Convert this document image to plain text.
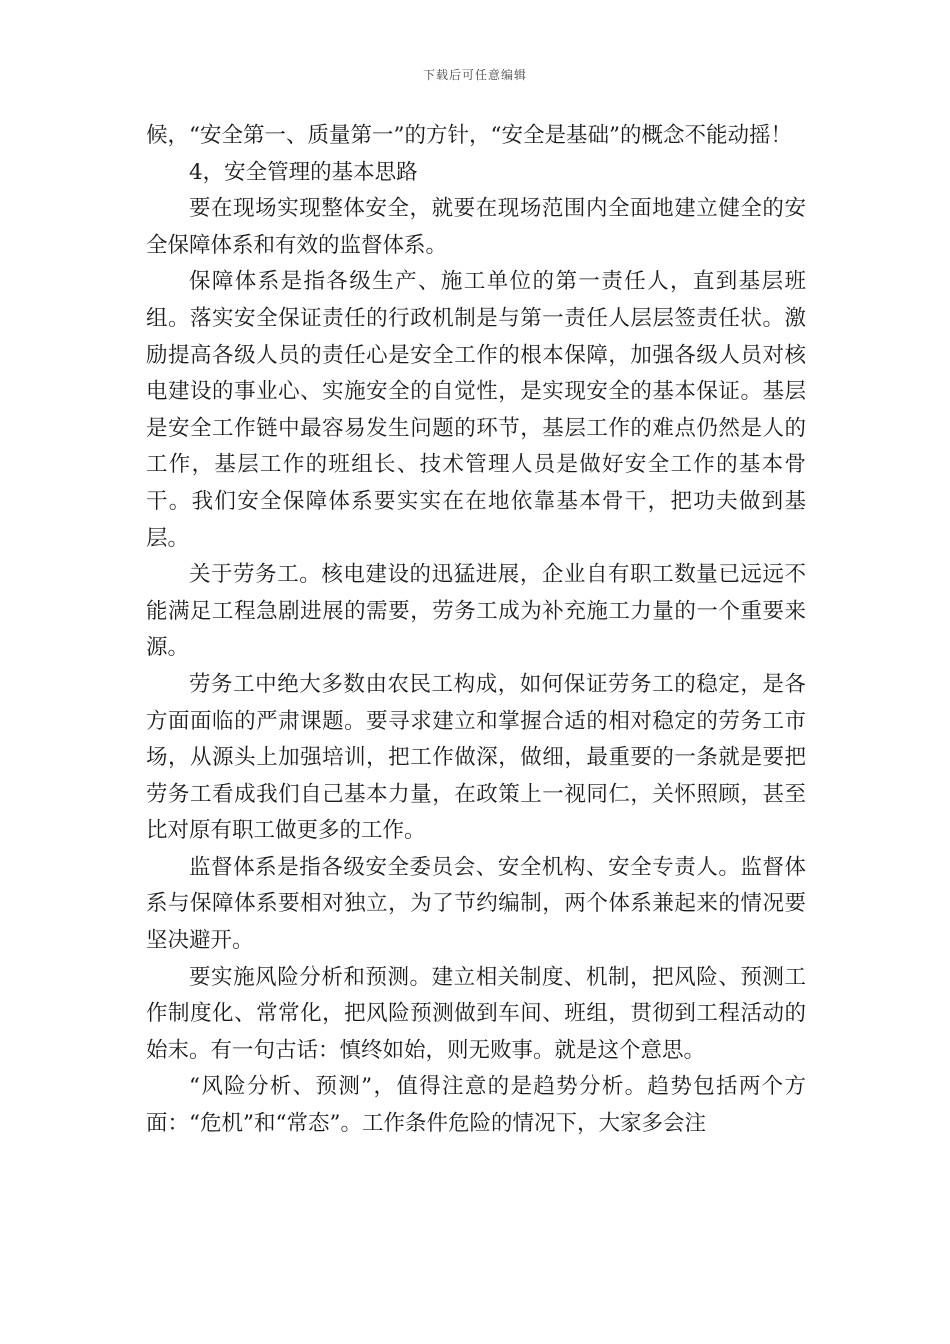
下载后可任意编辑

候，“安全第一、质量第一”的方针，“安全是基础”的概念不能动摇！

4，安全管理的基本思路

要在现场实现整体安全，就要在现场范围内全面地建立健全的安全保障体系和有效的监督体系。

保障体系是指各级生产、施工单位的第一责任人，直到基层班组。落实安全保证责任的行政机制是与第一责任人层层签责任状。激励提高各级人员的责任心是安全工作的根本保障，加强各级人员对核电建设的事业心、实施安全的自觉性，是实现安全的基本保证。基层是安全工作链中最容易发生问题的环节，基层工作的难点仍然是人的工作，基层工作的班组长、技术管理人员是做好安全工作的基本骨干。我们安全保障体系要实实在在地依靠基本骨干，把功夫做到基层。

关于劳务工。核电建设的迅猛进展，企业自有职工数量已远远不能满足工程急剧进展的需要，劳务工成为补充施工力量的一个重要来源。

劳务工中绝大多数由农民工构成，如何保证劳务工的稳定，是各方面面临的严肃课题。要寻求建立和掌握合适的相对稳定的劳务工市场，从源头上加强培训，把工作做深，做细，最重要的一条就是要把劳务工看成我们自己基本力量，在政策上一视同仁，关怀照顾，甚至比对原有职工做更多的工作。

监督体系是指各级安全委员会、安全机构、安全专责人。监督体系与保障体系要相对独立，为了节约编制，两个体系兼起来的情况要坚决避开。

要实施风险分析和预测。建立相关制度、机制，把风险、预测工作制度化、常常化，把风险预测做到车间、班组，贯彻到工程活动的始末。有一句古话：慎终如始，则无败事。就是这个意思。

“风险分析、预测”，值得注意的是趋势分析。趋势包括两个方面：“危机”和“常态”。工作条件危险的情况下，大家多会注
